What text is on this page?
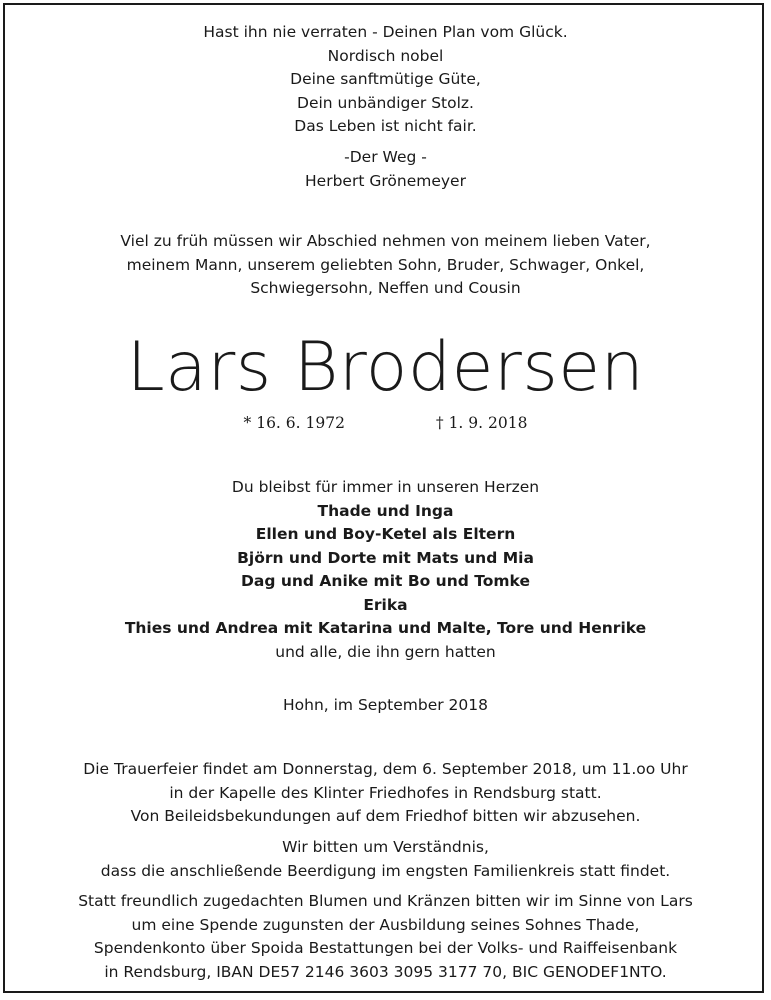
Hast ihn nie verraten - Deinen Plan vom Glück.
Nordisch nobel
Deine sanftmütige Güte,
Dein unbändiger Stolz.
Das Leben ist nicht fair.
-Der Weg -
Herbert Grönemeyer
Viel zu früh müssen wir Abschied nehmen von meinem lieben Vater,
meinem Mann, unserem geliebten Sohn, Bruder, Schwager, Onkel,
Schwiegersohn, Neffen und Cousin
Lars Brodersen
* 16. 6. 1972	† 1. 9. 2018
Du bleibst für immer in unseren Herzen
Thade und Inga
Ellen und Boy-Ketel als Eltern
Björn und Dorte mit Mats und Mia
Dag und Anike mit Bo und Tomke
Erika
Thies und Andrea mit Katarina und Malte, Tore und Henrike
und alle, die ihn gern hatten
Hohn, im September 2018
Die Trauerfeier findet am Donnerstag, dem 6. September 2018, um 11.oo Uhr
in der Kapelle des Klinter Friedhofes in Rendsburg statt.
Von Beileidsbekundungen auf dem Friedhof bitten wir abzusehen.
Wir bitten um Verständnis,
dass die anschließende Beerdigung im engsten Familienkreis statt findet.
Statt freundlich zugedachten Blumen und Kränzen bitten wir im Sinne von Lars
um eine Spende zugunsten der Ausbildung seines Sohnes Thade,
Spendenkonto über Spoida Bestattungen bei der Volks- und Raiffeisenbank
in Rendsburg, IBAN DE57 2146 3603 3095 3177 70, BIC GENODEF1NTO.
